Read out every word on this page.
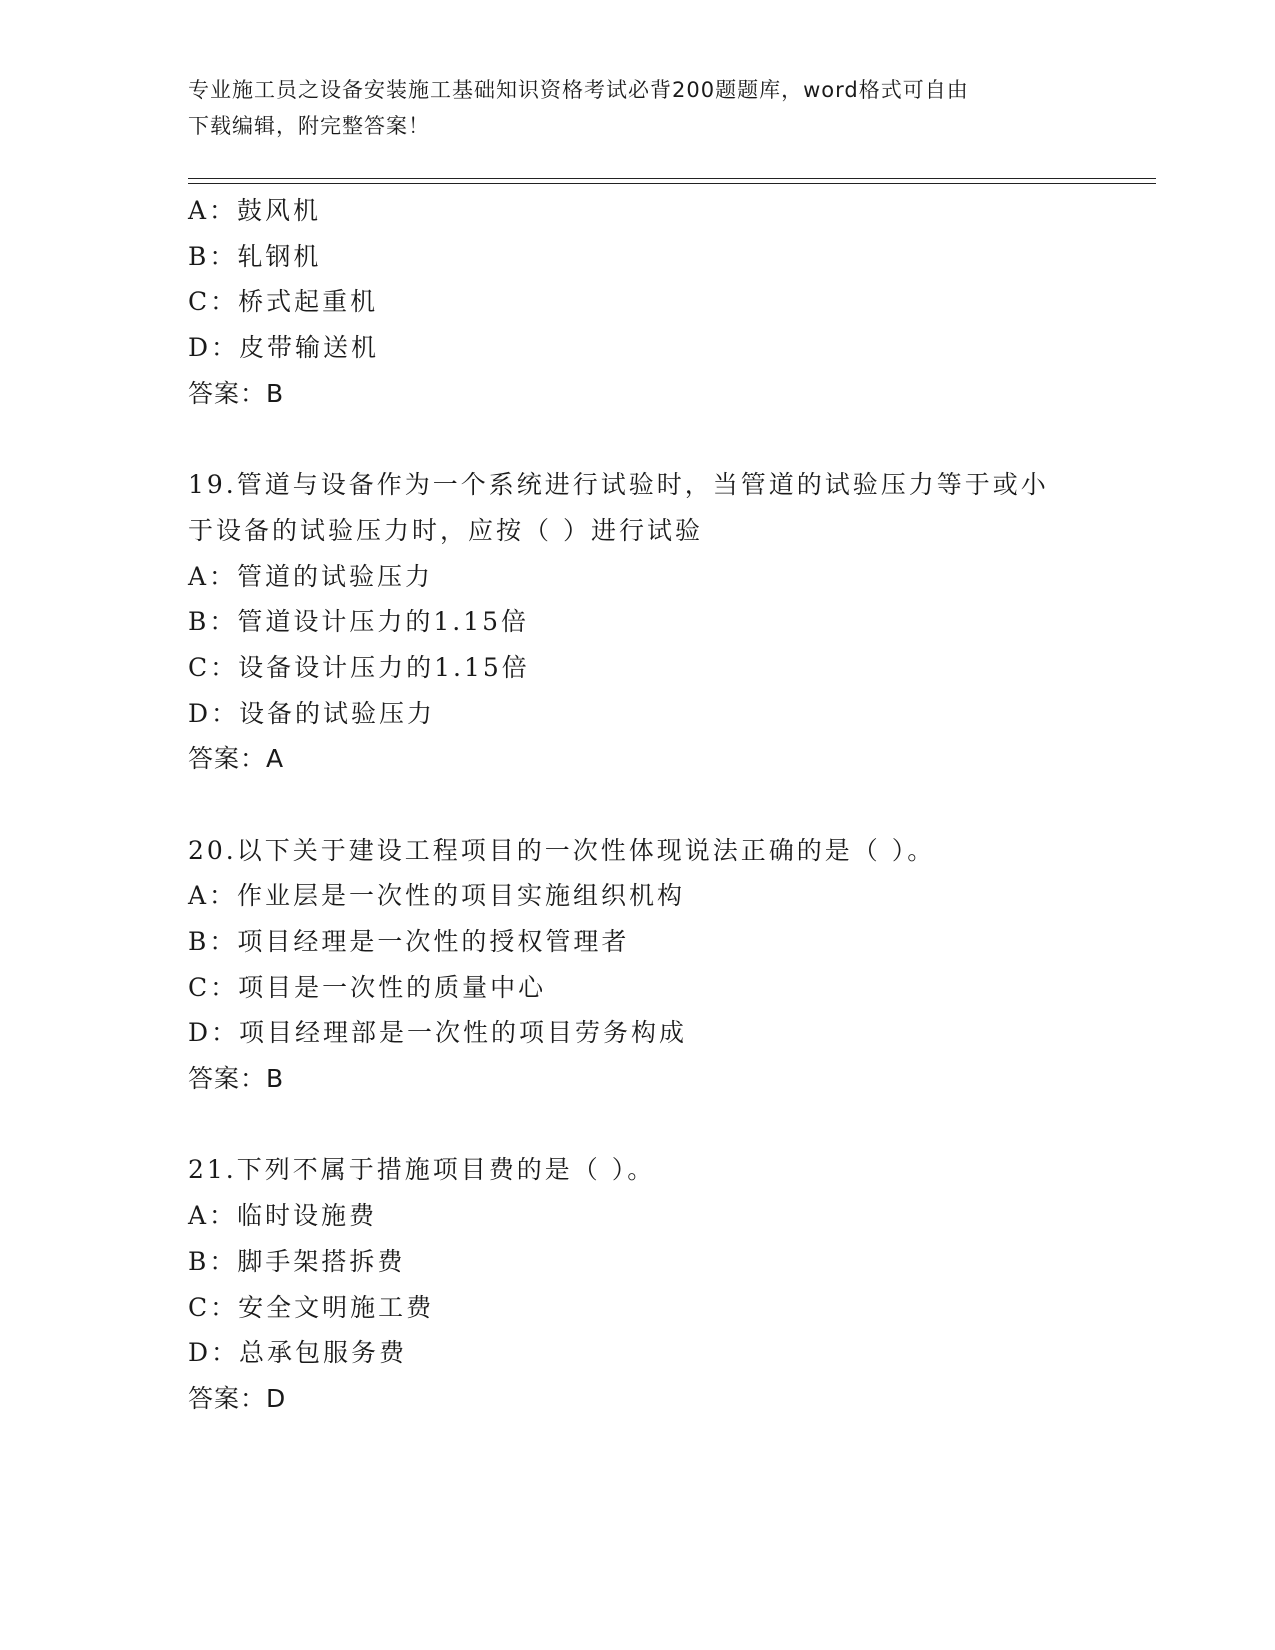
专业施工员之设备安装施工基础知识资格考试必背200题题库，word格式可自由
下载编辑，附完整答案！
A：鼓风机
B：轧钢机
C：桥式起重机
D：皮带输送机
答案：B
19.管道与设备作为一个系统进行试验时，当管道的试验压力等于或小
于设备的试验压力时，应按（ ）进行试验
A：管道的试验压力
B：管道设计压力的1.15倍
C：设备设计压力的1.15倍
D：设备的试验压力
答案：A
20.以下关于建设工程项目的一次性体现说法正确的是（ ）。
A：作业层是一次性的项目实施组织机构
B：项目经理是一次性的授权管理者
C：项目是一次性的质量中心
D：项目经理部是一次性的项目劳务构成
答案：B
21.下列不属于措施项目费的是（ ）。
A：临时设施费
B：脚手架搭拆费
C：安全文明施工费
D：总承包服务费
答案：D
